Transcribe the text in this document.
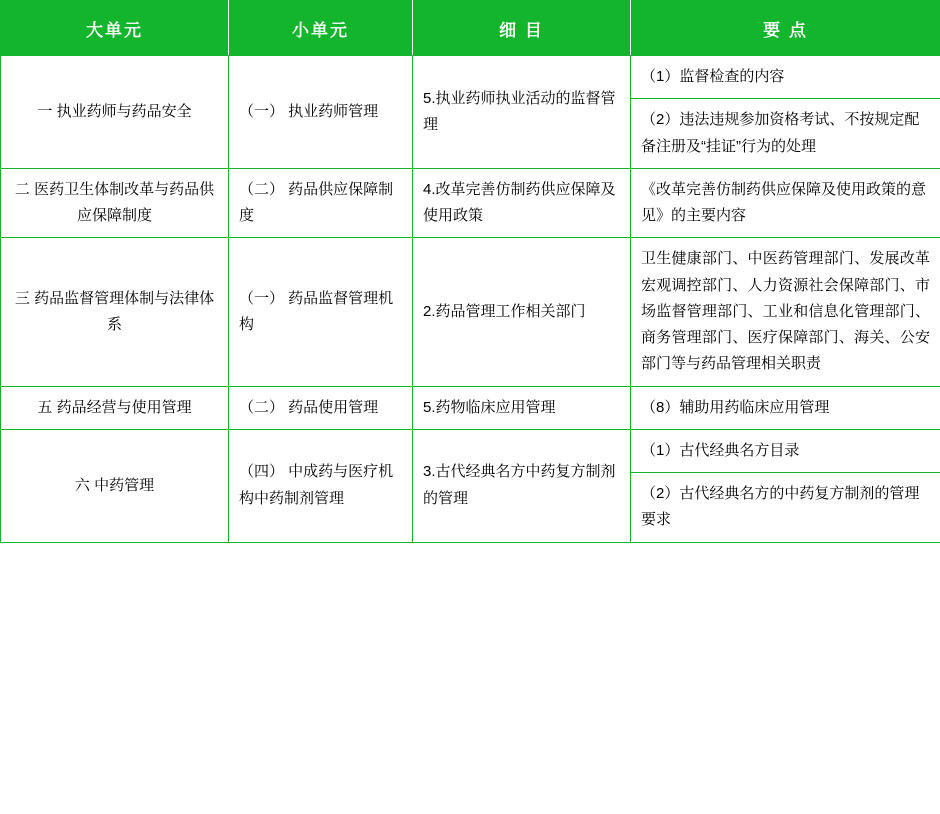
大单元	小单元	细 目	要 点
一 执业药师与药品安全	（一） 执业药师管理	5.执业药师执业活动的监督管理	（1）监督检查的内容
			（2）违法违规参加资格考试、不按规定配备注册及“挂证”行为的处理
二 医药卫生体制改革与药品供应保障制度	（二） 药品供应保障制度	4.改革完善仿制药供应保障及使用政策	《改革完善仿制药供应保障及使用政策的意见》的主要内容
三 药品监督管理体制与法律体系	（一） 药品监督管理机构	2.药品管理工作相关部门	卫生健康部门、中医药管理部门、发展改革宏观调控部门、人力资源社会保障部门、市场监督管理部门、工业和信息化管理部门、商务管理部门、医疗保障部门、海关、公安部门等与药品管理相关职责
五 药品经营与使用管理	（二） 药品使用管理	5.药物临床应用管理	（8）辅助用药临床应用管理
六 中药管理	（四） 中成药与医疗机构中药制剂管理	3.古代经典名方中药复方制剂的管理	（1）古代经典名方目录
			（2）古代经典名方的中药复方制剂的管理要求
